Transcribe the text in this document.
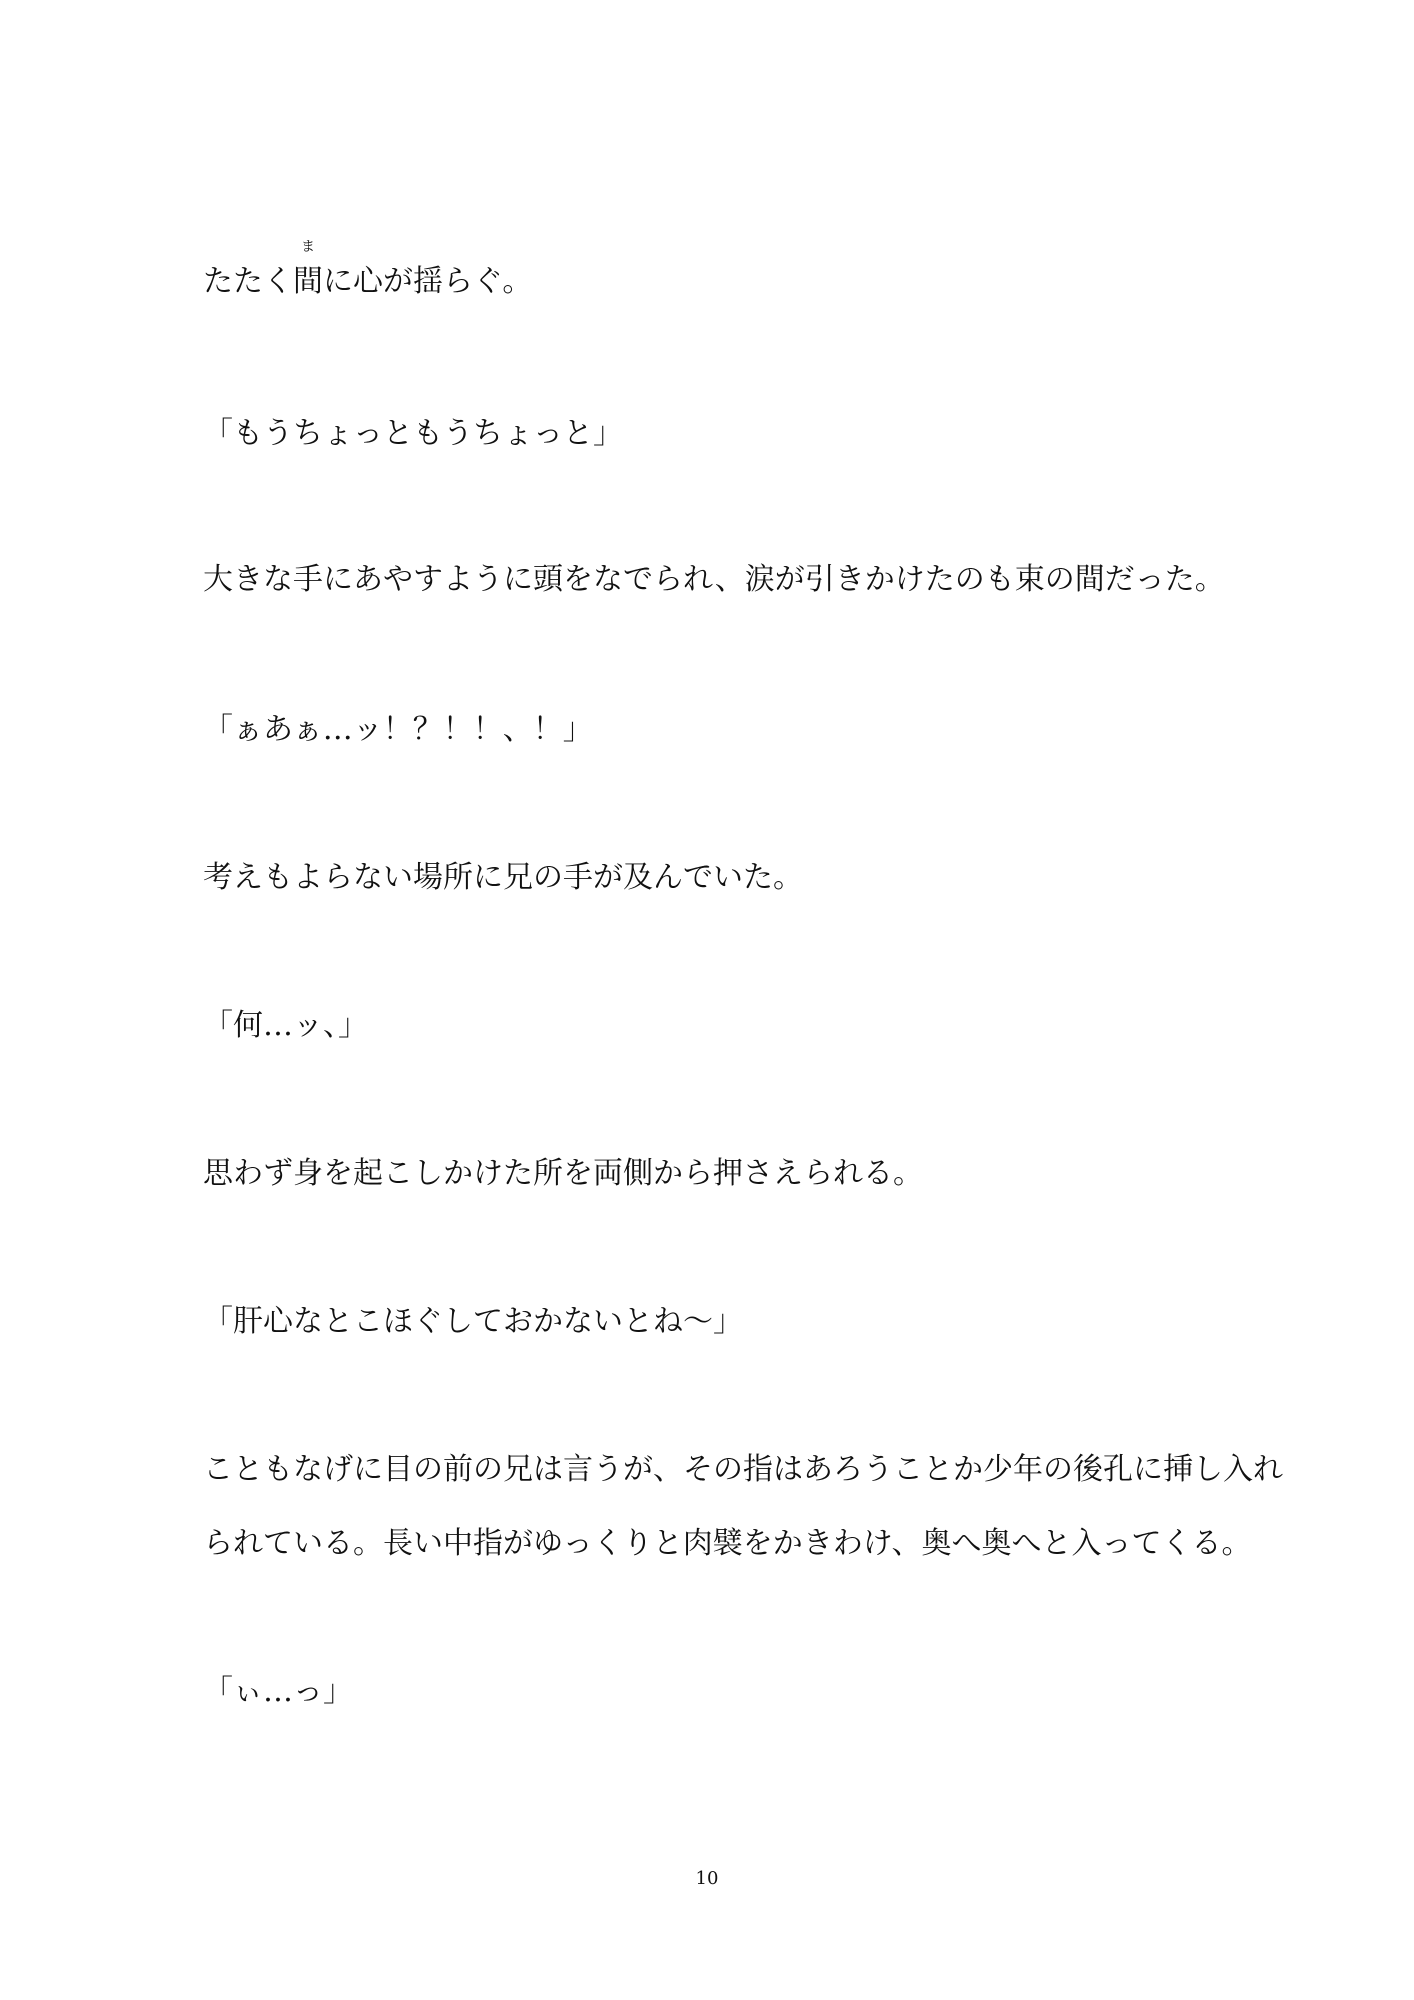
たたく
ま
間に心が揺らぐ。
「もうちょっともうちょっと」
大きな手にあやすように頭をなでられ、涙が引きかけたのも束の間だった。
「ぁあぁ…ッ！？！！、！」
考えもよらない場所に兄の手が及んでいた。
「何…ッ、」
思わず身を起こしかけた所を両側から押さえられる。
「肝心なとこほぐしておかないとね～」
こともなげに目の前の兄は言うが、その指はあろうことか少年の後孔に挿し入れ
られている。長い中指がゆっくりと肉襞をかきわけ、奥へ奥へと入ってくる。
「ぃ…っ」
10
